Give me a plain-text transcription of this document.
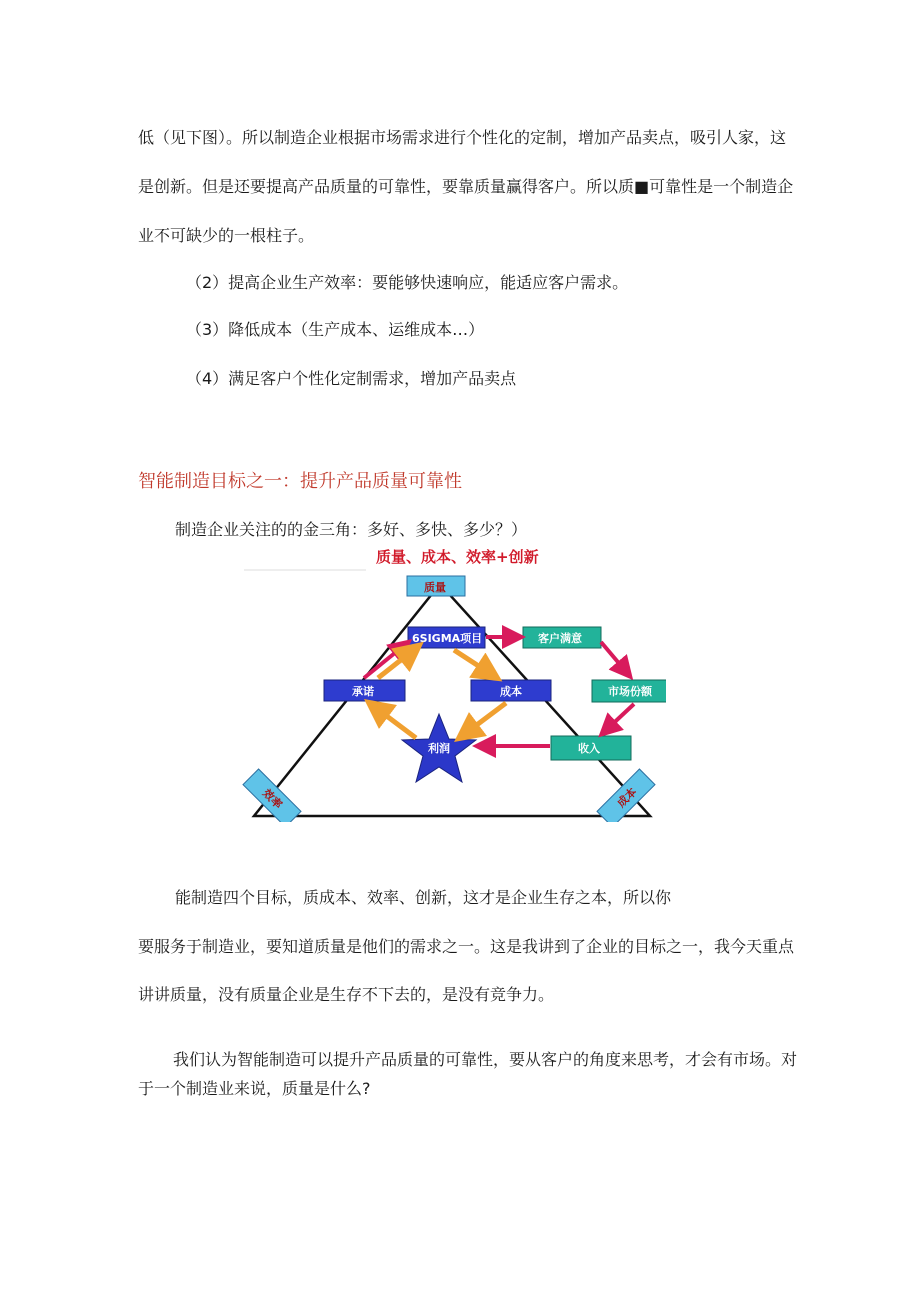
低（见下图）。所以制造企业根据市场需求进行个性化的定制，增加产品卖点，吸引人家，这
是创新。但是还要提高产品质量的可靠性，要靠质量赢得客户。所以质■可靠性是一个制造企
业不可缺少的一根柱子。
（2）提高企业生产效率：要能够快速响应，能适应客户需求。
（3）降低成本（生产成本、运维成本…）
（4）满足客户个性化定制需求，增加产品卖点
智能制造目标之一：提升产品质量可靠性
制造企业关注的的金三角：多好、多快、多少？）
质量、成本、效率+创新
质量
6SIGMA项目
承诺	成本
客户满意
市场份额
收入
利润
效率	成本
能制造四个目标，质成本、效率、创新，这才是企业生存之本，所以你
要服务于制造业，要知道质量是他们的需求之一。这是我讲到了企业的目标之一，我今天重点
讲讲质量，没有质量企业是生存不下去的，是没有竞争力。
我们认为智能制造可以提升产品质量的可靠性，要从客户的角度来思考，才会有市场。对
于一个制造业来说，质量是什么?
